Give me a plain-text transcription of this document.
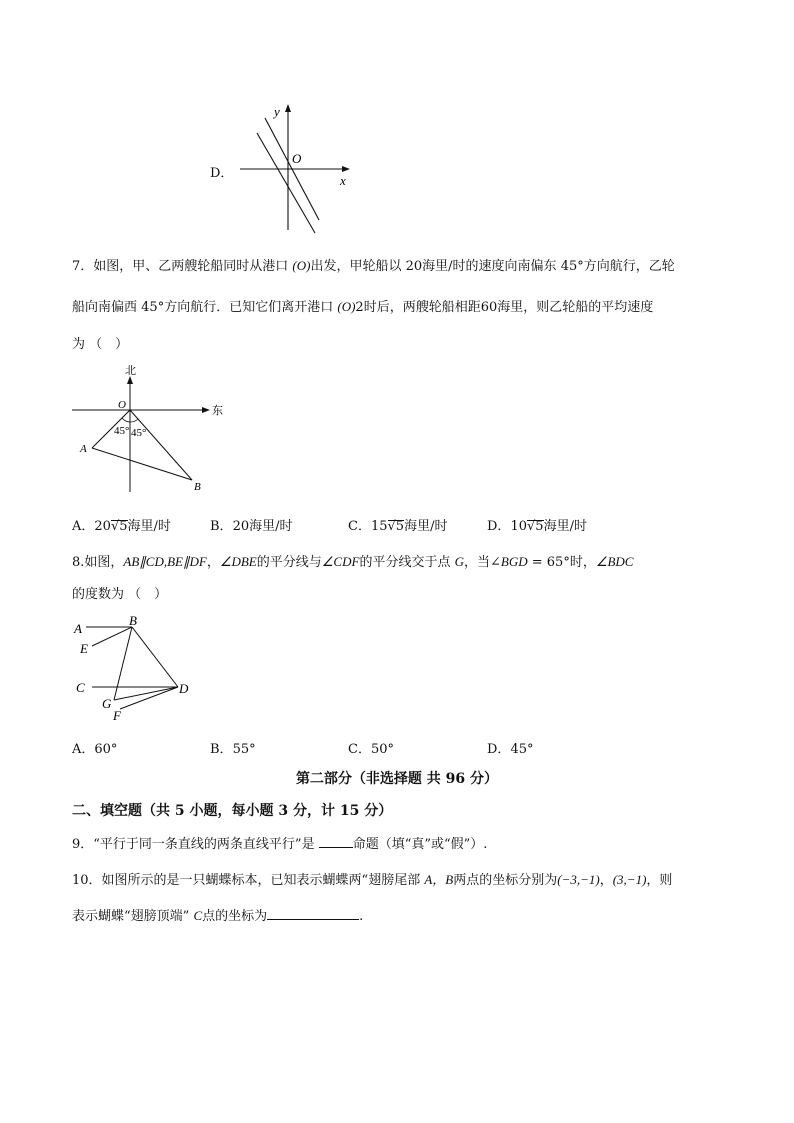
D．
y
O
x
7．如图，甲、乙两艘轮船同时从港口 (O)出发，甲轮船以 20海里/时的速度向南偏东 45°方向航行，乙轮
船向南偏西 45°方向航行．已知它们离开港口 (O)2时后，两艘轮船相距60海里，则乙轮船的平均速度
为 （　）
北
东
O
A
B
45° 45°
A．20√5海里/时	B．20海里/时	C．15√5海里/时	D．10√5海里/时
8.如图，AB∥CD,BE∥DF，∠DBE的平分线与∠CDF的平分线交于点 G，当∠BGD = 65°时，∠BDC
的度数为 （　）
A
B
E
C	D
G
F
A．60°	B．55°	C．50°	D．45°
第二部分（非选择题 共 96 分）
二、填空题（共 5 小题，每小题 3 分，计 15 分）
9．“平行于同一条直线的两条直线平行”是	命题（填“真”或“假”）.
10．如图所示的是一只蝴蝶标本，已知表示蝴蝶两“翅膀尾部 A，B两点的坐标分别为(−3,−1)，(3,−1)，则
表示蝴蝶“翅膀顶端” C点的坐标为	.
